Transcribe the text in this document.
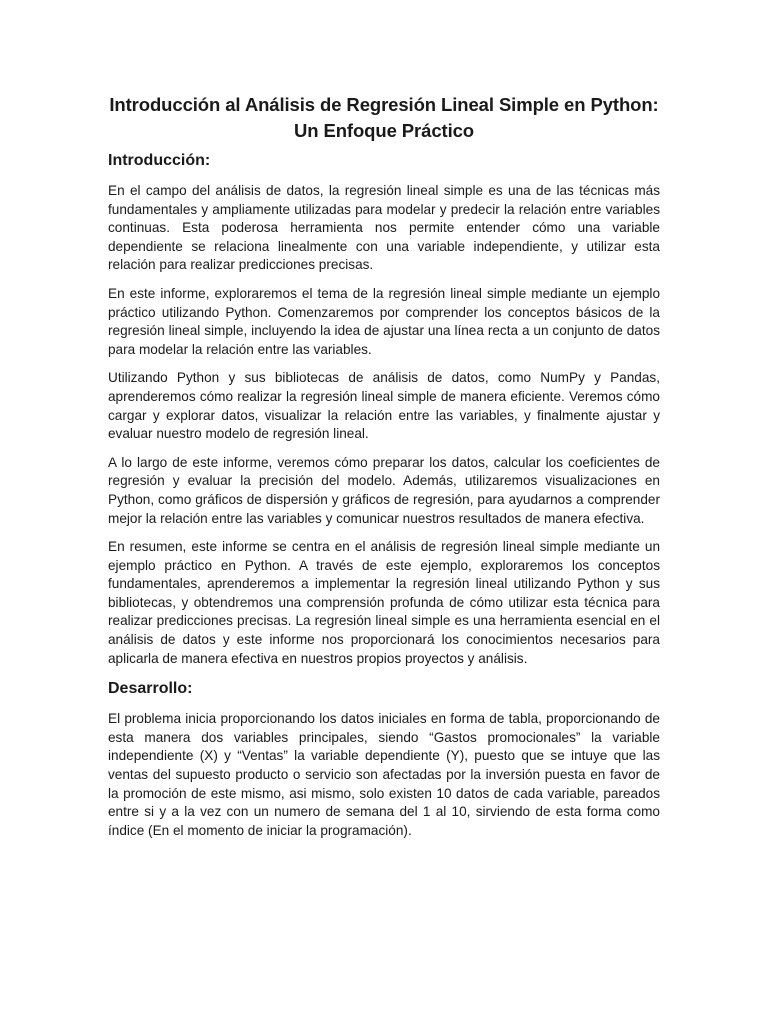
Introducción al Análisis de Regresión Lineal Simple en Python: Un Enfoque Práctico
Introducción:

En el campo del análisis de datos, la regresión lineal simple es una de las técnicas más fundamentales y ampliamente utilizadas para modelar y predecir la relación entre variables continuas. Esta poderosa herramienta nos permite entender cómo una variable dependiente se relaciona linealmente con una variable independiente, y utilizar esta relación para realizar predicciones precisas.

En este informe, exploraremos el tema de la regresión lineal simple mediante un ejemplo práctico utilizando Python. Comenzaremos por comprender los conceptos básicos de la regresión lineal simple, incluyendo la idea de ajustar una línea recta a un conjunto de datos para modelar la relación entre las variables.

Utilizando Python y sus bibliotecas de análisis de datos, como NumPy y Pandas, aprenderemos cómo realizar la regresión lineal simple de manera eficiente. Veremos cómo cargar y explorar datos, visualizar la relación entre las variables, y finalmente ajustar y evaluar nuestro modelo de regresión lineal.

A lo largo de este informe, veremos cómo preparar los datos, calcular los coeficientes de regresión y evaluar la precisión del modelo. Además, utilizaremos visualizaciones en Python, como gráficos de dispersión y gráficos de regresión, para ayudarnos a comprender mejor la relación entre las variables y comunicar nuestros resultados de manera efectiva.

En resumen, este informe se centra en el análisis de regresión lineal simple mediante un ejemplo práctico en Python. A través de este ejemplo, exploraremos los conceptos fundamentales, aprenderemos a implementar la regresión lineal utilizando Python y sus bibliotecas, y obtendremos una comprensión profunda de cómo utilizar esta técnica para realizar predicciones precisas. La regresión lineal simple es una herramienta esencial en el análisis de datos y este informe nos proporcionará los conocimientos necesarios para aplicarla de manera efectiva en nuestros propios proyectos y análisis.

Desarrollo:

El problema inicia proporcionando los datos iniciales en forma de tabla, proporcionando de esta manera dos variables principales, siendo “Gastos promocionales” la variable independiente (X) y “Ventas” la variable dependiente (Y), puesto que se intuye que las ventas del supuesto producto o servicio son afectadas por la inversión puesta en favor de la promoción de este mismo, asi mismo, solo existen 10 datos de cada variable, pareados entre si y a la vez con un numero de semana del 1 al 10, sirviendo de esta forma como índice (En el momento de iniciar la programación).
